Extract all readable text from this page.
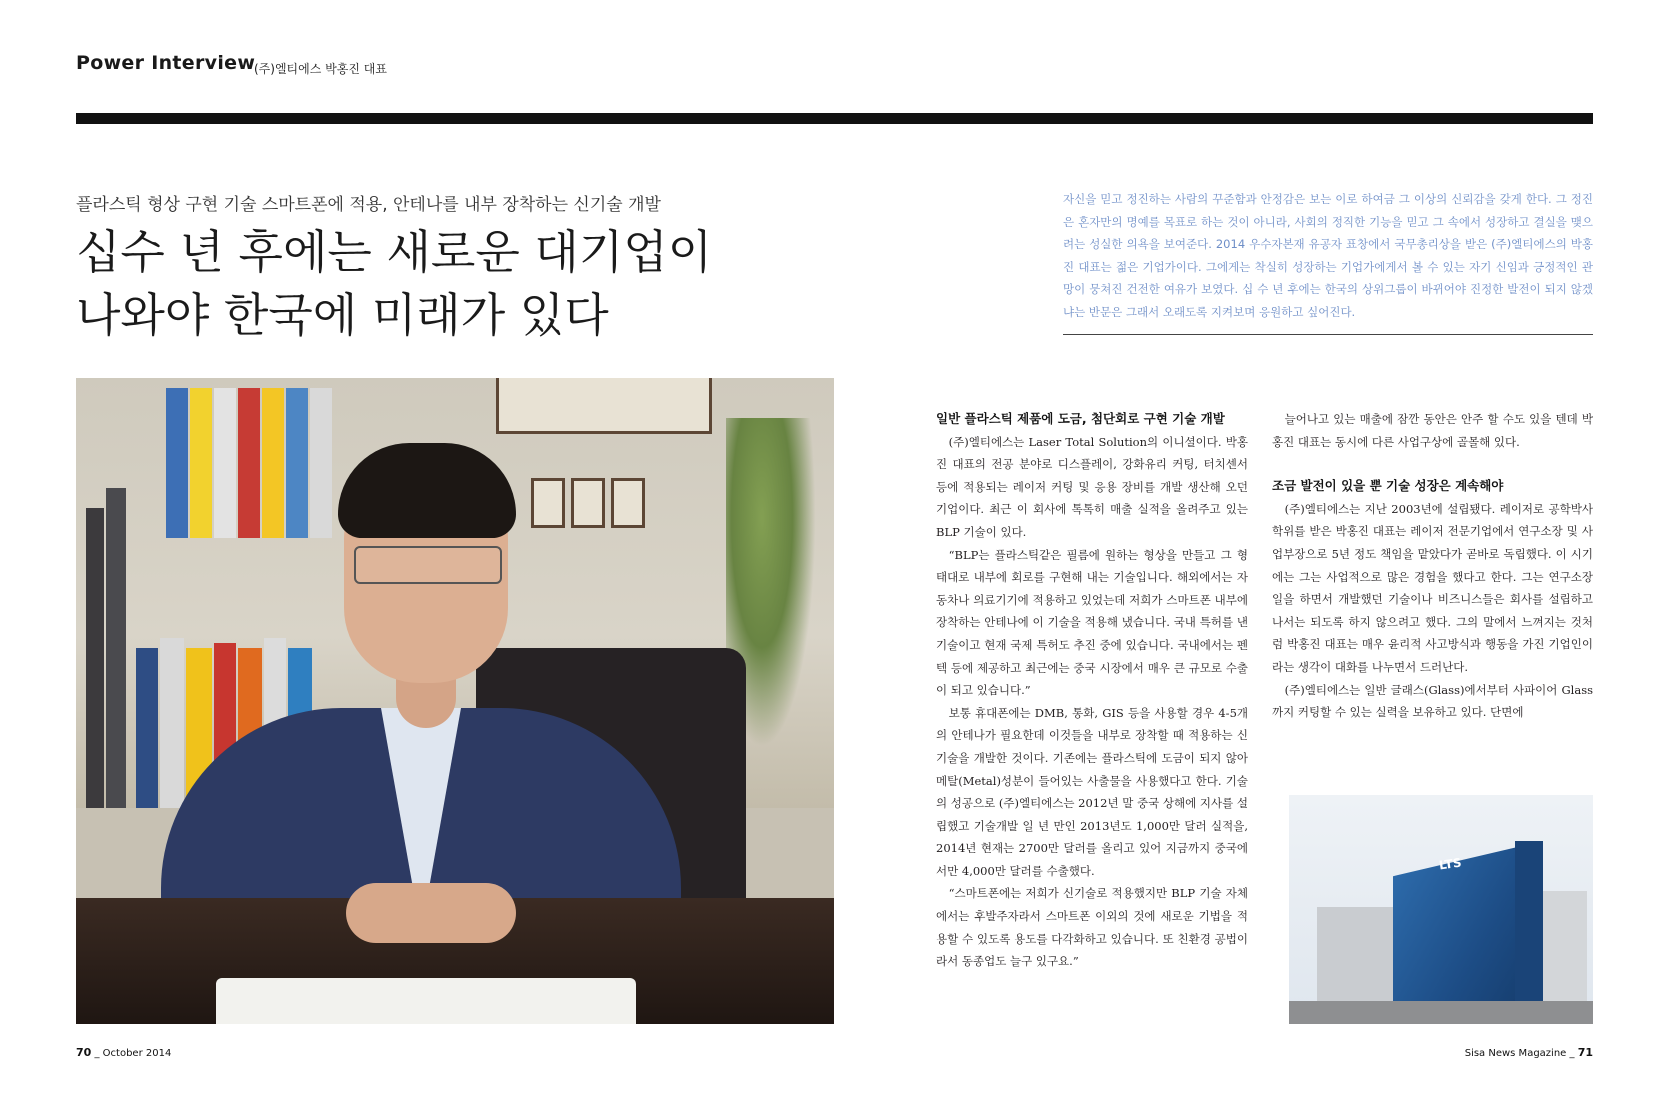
Power Interview
(주)엘티에스 박홍진 대표
플라스틱 형상 구현 기술 스마트폰에 적용, 안테나를 내부 장착하는 신기술 개발
십수 년 후에는 새로운 대기업이
나와야 한국에 미래가 있다

자신을 믿고 정진하는 사람의 꾸준함과 안정감은 보는 이로 하여금 그 이상의 신뢰감을 갖게 한다. 그 정진은 혼자만의 명예를 목표로 하는 것이 아니라, 사회의 정직한 기능을 믿고 그 속에서 성장하고 결실을 맺으려는 성실한 의욕을 보여준다. 2014 우수자본재 유공자 표창에서 국무총리상을 받은 (주)엘티에스의 박홍진 대표는 젊은 기업가이다. 그에게는 착실히 성장하는 기업가에게서 볼 수 있는 자기 신임과 긍정적인 관망이 뭉쳐진 건전한 여유가 보였다. 십 수 년 후에는 한국의 상위그룹이 바뀌어야 진정한 발전이 되지 않겠냐는 반문은 그래서 오래도록 지켜보며 응원하고 싶어진다.

일반 플라스틱 제품에 도금, 첨단회로 구현 기술 개발

(주)엘티에스는 Laser Total Solution의 이니셜이다. 박홍진 대표의 전공 분야로 디스플레이, 강화유리 커팅, 터치센서 등에 적용되는 레이저 커팅 및 응용 장비를 개발 생산해 오던 기업이다. 최근 이 회사에 톡톡히 매출 실적을 올려주고 있는 BLP 기술이 있다.

“BLP는 플라스틱같은 필름에 원하는 형상을 만들고 그 형태대로 내부에 회로를 구현해 내는 기술입니다. 해외에서는 자동차나 의료기기에 적용하고 있었는데 저희가 스마트폰 내부에 장착하는 안테나에 이 기술을 적용해 냈습니다. 국내 특허를 낸 기술이고 현재 국제 특허도 추진 중에 있습니다. 국내에서는 펜텍 등에 제공하고 최근에는 중국 시장에서 매우 큰 규모로 수출이 되고 있습니다.”

보통 휴대폰에는 DMB, 통화, GIS 등을 사용할 경우 4-5개의 안테나가 필요한데 이것들을 내부로 장착할 때 적용하는 신기술을 개발한 것이다. 기존에는 플라스틱에 도금이 되지 않아 메탈(Metal)성분이 들어있는 사출물을 사용했다고 한다. 기술의 성공으로 (주)엘티에스는 2012년 말 중국 상해에 지사를 설립했고 기술개발 일 년 만인 2013년도 1,000만 달러 실적을, 2014년 현재는 2700만 달러를 올리고 있어 지금까지 중국에서만 4,000만 달러를 수출했다.

“스마트폰에는 저희가 신기술로 적용했지만 BLP 기술 자체에서는 후발주자라서 스마트폰 이외의 것에 새로운 기법을 적용할 수 있도록 용도를 다각화하고 있습니다. 또 친환경 공법이라서 동종업도 늘구 있구요.”

늘어나고 있는 매출에 잠깐 동안은 안주 할 수도 있을 텐데 박홍진 대표는 동시에 다른 사업구상에 골몰해 있다.

조금 발전이 있을 뿐 기술 성장은 계속해야

(주)엘티에스는 지난 2003년에 설립됐다. 레이저로 공학박사 학위를 받은 박홍진 대표는 레이저 전문기업에서 연구소장 및 사업부장으로 5년 정도 책임을 맡았다가 곧바로 독립했다. 이 시기에는 그는 사업적으로 많은 경험을 했다고 한다. 그는 연구소장 일을 하면서 개발했던 기술이나 비즈니스들은 회사를 설립하고 나서는 되도록 하지 않으려고 했다. 그의 말에서 느껴지는 것처럼 박홍진 대표는 매우 윤리적 사고방식과 행동을 가진 기업인이라는 생각이 대화를 나누면서 드러난다.

(주)엘티에스는 일반 글래스(Glass)에서부터 사파이어 Glass 까지 커팅할 수 있는 실력을 보유하고 있다. 단면에

LTS
70 _ October 2014	Sisa News Magazine _ 71
